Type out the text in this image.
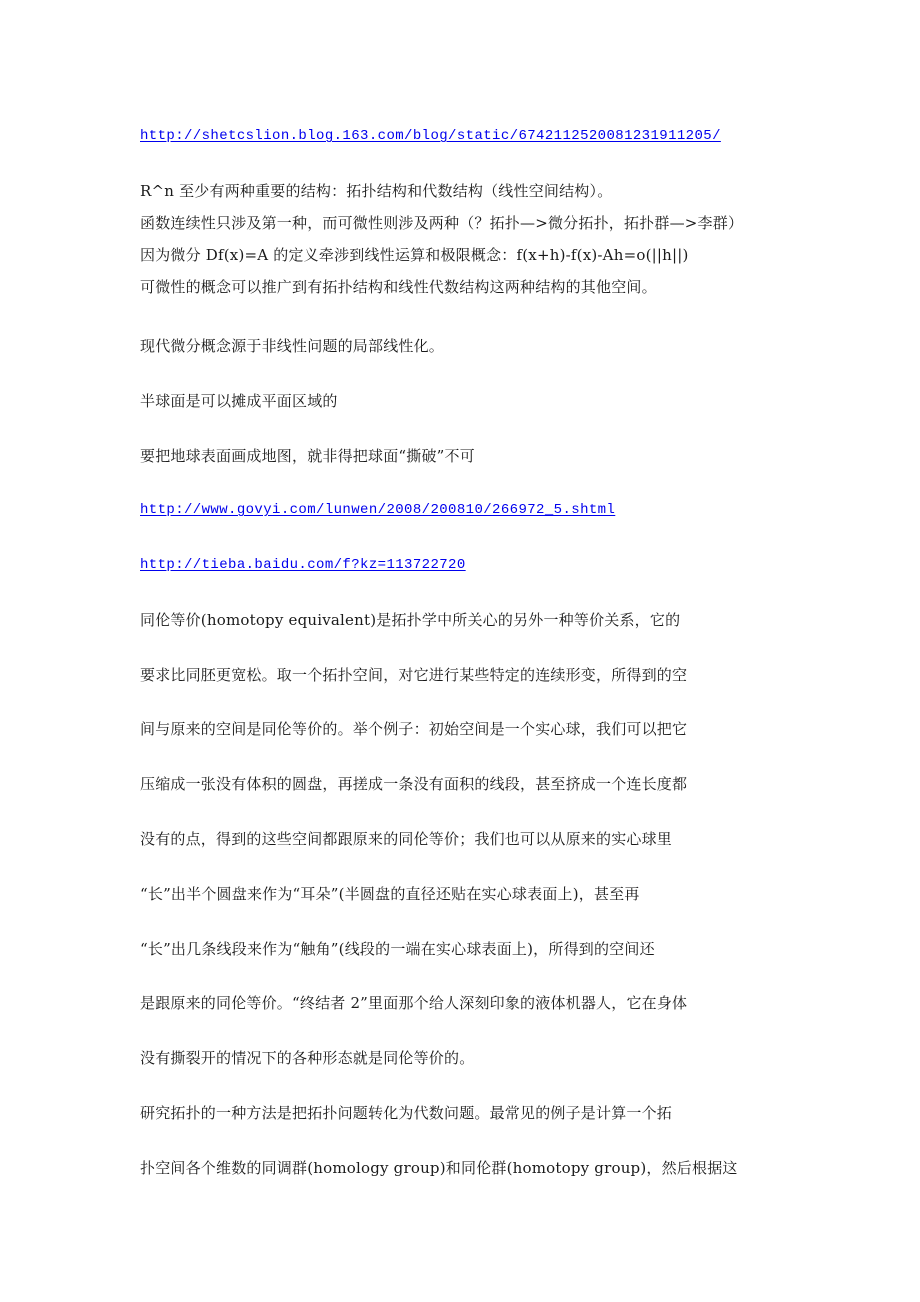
http://shetcslion.blog.163.com/blog/static/6742112520081231911205/
R^n 至少有两种重要的结构：拓扑结构和代数结构（线性空间结构）。
函数连续性只涉及第一种，而可微性则涉及两种（？拓扑—>微分拓扑，拓扑群—>李群）
因为微分 Df(x)=A 的定义牵涉到线性运算和极限概念：f(x+h)-f(x)-Ah=o(||h||)
可微性的概念可以推广到有拓扑结构和线性代数结构这两种结构的其他空间。
现代微分概念源于非线性问题的局部线性化。
半球面是可以摊成平面区域的
要把地球表面画成地图，就非得把球面“撕破”不可
http://www.govyi.com/lunwen/2008/200810/266972_5.shtml
http://tieba.baidu.com/f?kz=113722720
同伦等价(homotopy equivalent)是拓扑学中所关心的另外一种等价关系，它的
要求比同胚更宽松。取一个拓扑空间，对它进行某些特定的连续形变，所得到的空
间与原来的空间是同伦等价的。举个例子：初始空间是一个实心球，我们可以把它
压缩成一张没有体积的圆盘，再搓成一条没有面积的线段，甚至挤成一个连长度都
没有的点，得到的这些空间都跟原来的同伦等价；我们也可以从原来的实心球里
“长”出半个圆盘来作为“耳朵”(半圆盘的直径还贴在实心球表面上)，甚至再
“长”出几条线段来作为“触角”(线段的一端在实心球表面上)，所得到的空间还
是跟原来的同伦等价。“终结者 2”里面那个给人深刻印象的液体机器人，它在身体
没有撕裂开的情况下的各种形态就是同伦等价的。
研究拓扑的一种方法是把拓扑问题转化为代数问题。最常见的例子是计算一个拓
扑空间各个维数的同调群(homology group)和同伦群(homotopy group)，然后根据这
